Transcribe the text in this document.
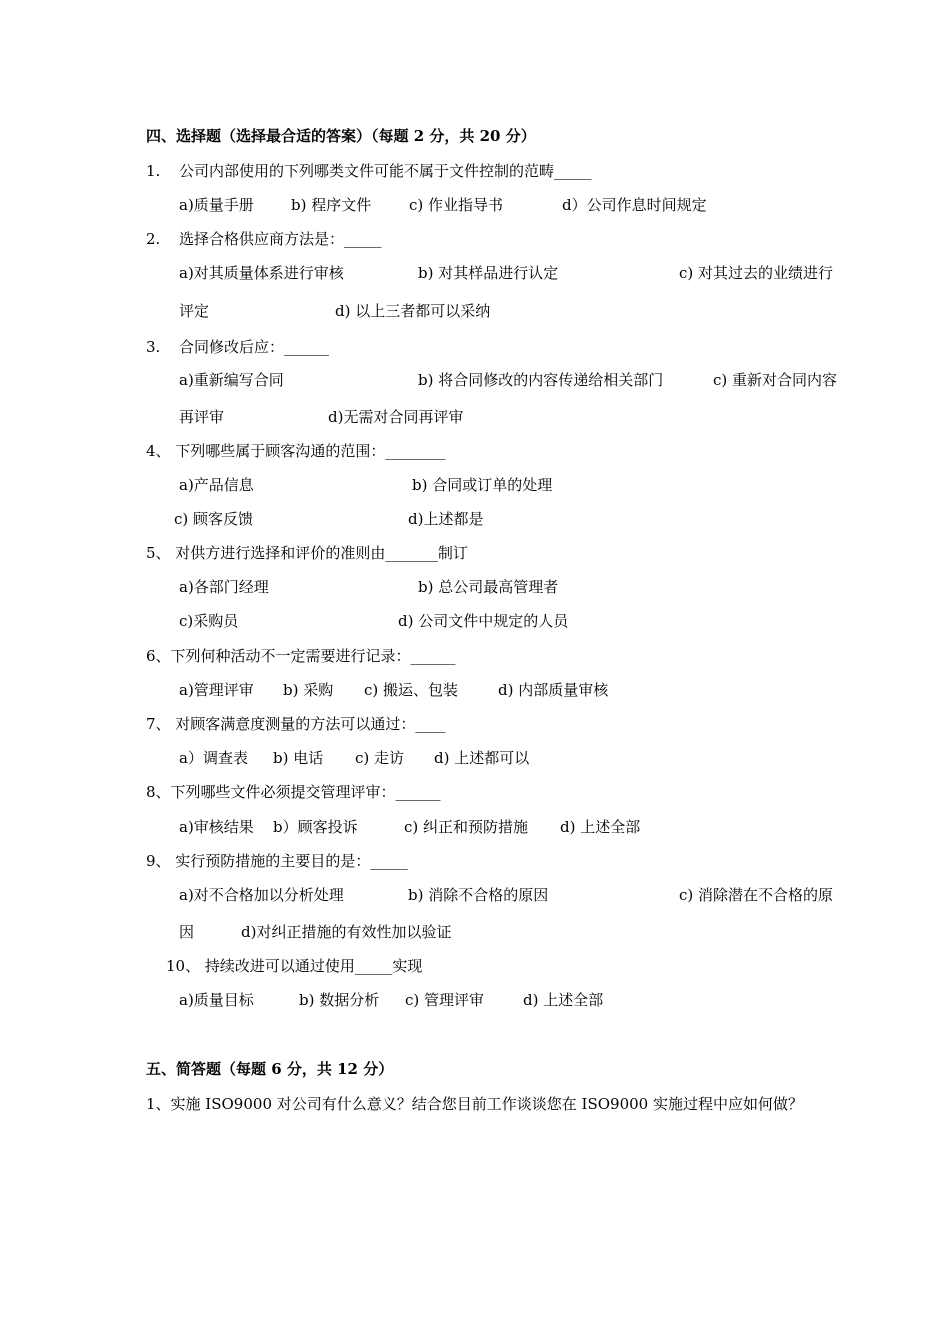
四、选择题（选择最合适的答案）（每题 2 分，共 20 分）
1. 公司内部使用的下列哪类文件可能不属于文件控制的范畴_____
a)质量手册 b) 程序文件	c) 作业指导书	d）公司作息时间规定
2. 选择合格供应商方法是：_____
a)对其质量体系进行审核	b) 对其样品进行认定	c) 对其过去的业绩进行
评定	d) 以上三者都可以采纳
3. 合同修改后应：______
a)重新编写合同	b) 将合同修改的内容传递给相关部门	c) 重新对合同内容
再评审	d)无需对合同再评审
4、 下列哪些属于顾客沟通的范围：________
a)产品信息	b) 合同或订单的处理
c) 顾客反馈	d)上述都是
5、 对供方进行选择和评价的准则由_______制订
a)各部门经理	b) 总公司最高管理者
c)采购员	d) 公司文件中规定的人员
6、下列何种活动不一定需要进行记录：______
a)管理评审 b) 采购 c) 搬运、包装	d) 内部质量审核
7、 对顾客满意度测量的方法可以通过：____
a）调查表 b) 电话 c) 走访 d) 上述都可以
8、下列哪些文件必须提交管理评审：______
a)审核结果 b）顾客投诉	c) 纠正和预防措施 d) 上述全部
9、 实行预防措施的主要目的是：_____
a)对不合格加以分析处理	b) 消除不合格的原因	c) 消除潜在不合格的原
因	d)对纠正措施的有效性加以验证
10、 持续改进可以通过使用_____实现
a)质量目标	b) 数据分析 c) 管理评审	d) 上述全部
五、简答题（每题 6 分，共 12 分）
1、实施 ISO9000 对公司有什么意义？结合您目前工作谈谈您在 ISO9000 实施过程中应如何做？
